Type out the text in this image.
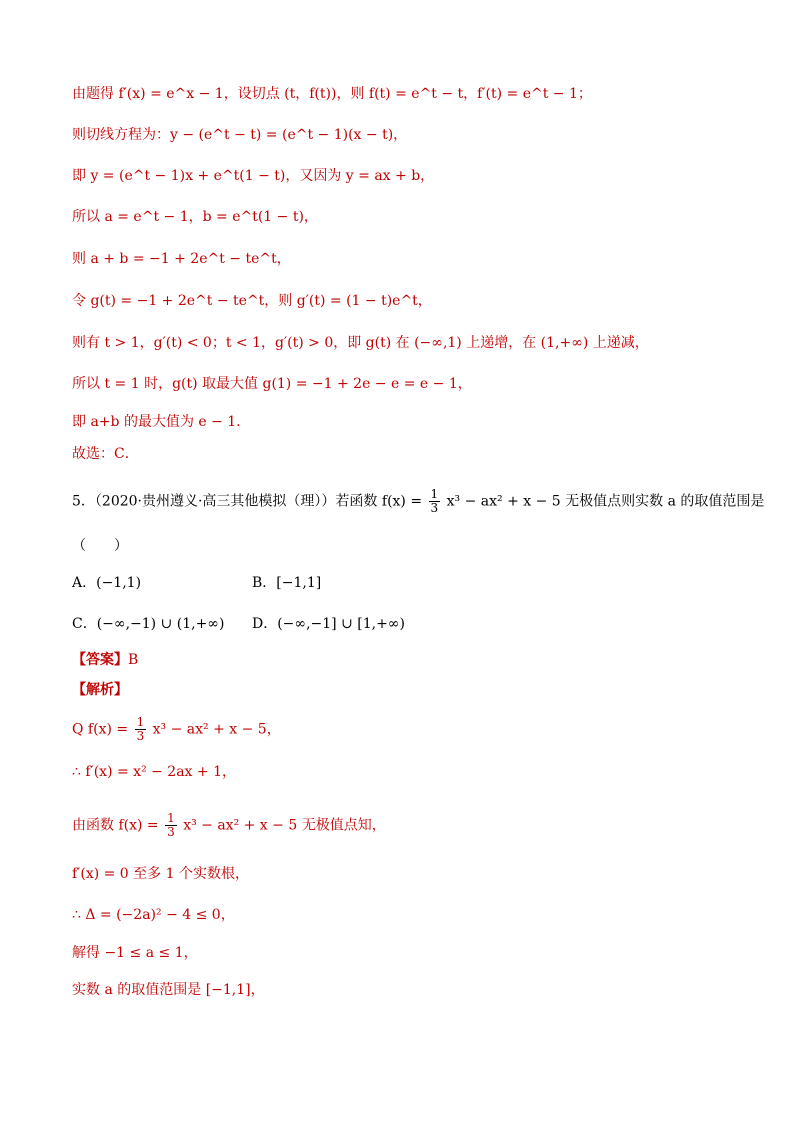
由题得 f′(x) = e^x − 1，设切点 (t，f(t))，则 f(t) = e^t − t，f′(t) = e^t − 1；
则切线方程为：y − (e^t − t) = (e^t − 1)(x − t)，
即 y = (e^t − 1)x + e^t(1 − t)，又因为 y = ax + b，
所以 a = e^t − 1，b = e^t(1 − t)，
则 a + b = −1 + 2e^t − te^t，
令 g(t) = −1 + 2e^t − te^t，则 g′(t) = (1 − t)e^t，
则有 t > 1，g′(t) < 0；t < 1，g′(t) > 0，即 g(t) 在 (−∞,1) 上递增，在 (1,+∞) 上递减，
所以 t = 1 时，g(t) 取最大值 g(1) = −1 + 2e − e = e − 1，
即 a+b 的最大值为 e − 1．
故选：C．
5．（2020·贵州遵义·高三其他模拟（理））若函数 $f(x) = \frac{1}{3} x^3 - ax^2 + x - 5$ 无极值点则实数 a 的取值范围是
（　　）
A．(−1,1)	B．[−1,1]
C．(−∞,−1) ∪ (1,+∞) D．(−∞,−1] ∪ [1,+∞)
【答案】B
【解析】
Q $f(x) = \frac{1}{3} x^3 - ax^2 + x - 5$，
∴ f′(x) = x² − 2ax + 1，
由函数 $f(x) = \frac{1}{3} x^3 - ax^2 + x - 5$ 无极值点知，
f′(x) = 0 至多 1 个实数根，
∴ Δ = (−2a)² − 4 ≤ 0，
解得 −1 ≤ a ≤ 1，
实数 a 的取值范围是 [−1,1]，
